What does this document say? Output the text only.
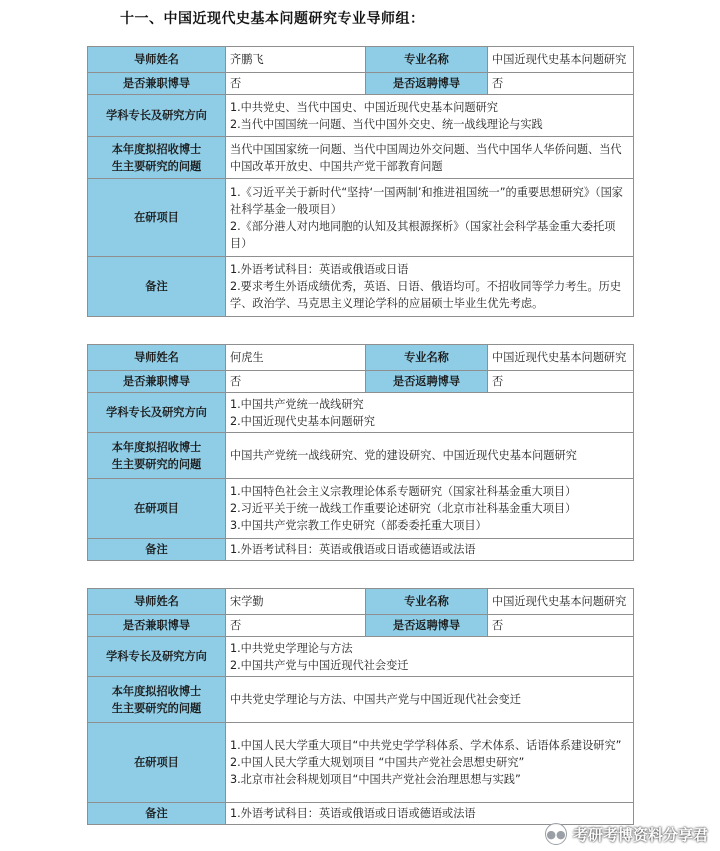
十一、中国近现代史基本问题研究专业导师组：
导师姓名	齐鹏飞	专业名称	中国近现代史基本问题研究
是否兼职博导	否	是否返聘博导	否
学科专长及研究方向	1.中共党史、当代中国史、中国近现代史基本问题研究
2.当代中国国统一问题、当代中国外交史、统一战线理论与实践		

本年度拟招收博士
生主要研究的问题	当代中国国家统一问题、当代中国周边外交问题、当代中国华人华侨问题、当代中国改革开放史、中国共产党干部教育问题		
在研项目	1.《习近平关于新时代“坚持‘一国两制’和推进祖国统一”的重要思想研究》（国家社科学基金一般项目）
2.《部分港人对内地同胞的认知及其根源探析》（国家社会科学基金重大委托项目）		

备注	1.外语考试科目：英语或俄语或日语
2.要求考生外语成绩优秀，英语、日语、俄语均可。不招收同等学力考生。历史学、政治学、马克思主义理论学科的应届硕士毕业生优先考虑。		
导师姓名	何虎生	专业名称	中国近现代史基本问题研究
是否兼职博导	否	是否返聘博导	否
学科专长及研究方向	1.中国共产党统一战线研究
2.中国近现代史基本问题研究		

本年度拟招收博士
生主要研究的问题	中国共产党统一战线研究、党的建设研究、中国近现代史基本问题研究		
在研项目	1.中国特色社会主义宗教理论体系专题研究（国家社科基金重大项目）
2.习近平关于统一战线工作重要论述研究（北京市社科基金重大项目）
3.中国共产党宗教工作史研究（部委委托重大项目）		

备注	1.外语考试科目：英语或俄语或日语或德语或法语		
导师姓名	宋学勤	专业名称	中国近现代史基本问题研究
是否兼职博导	否	是否返聘博导	否
学科专长及研究方向	1.中共党史学理论与方法
2.中国共产党与中国近现代社会变迁		

本年度拟招收博士
生主要研究的问题	中共党史学理论与方法、中国共产党与中国近现代社会变迁		
在研项目	1.中国人民大学重大项目“中共党史学学科体系、学术体系、话语体系建设研究”
2.中国人民大学重大规划项目 “中国共产党社会思想史研究”
3.北京市社会科规划项目“中国共产党社会治理思想与实践”		

备注	1.外语考试科目：英语或俄语或日语或德语或法语		
●● 考研考博资料分享君
